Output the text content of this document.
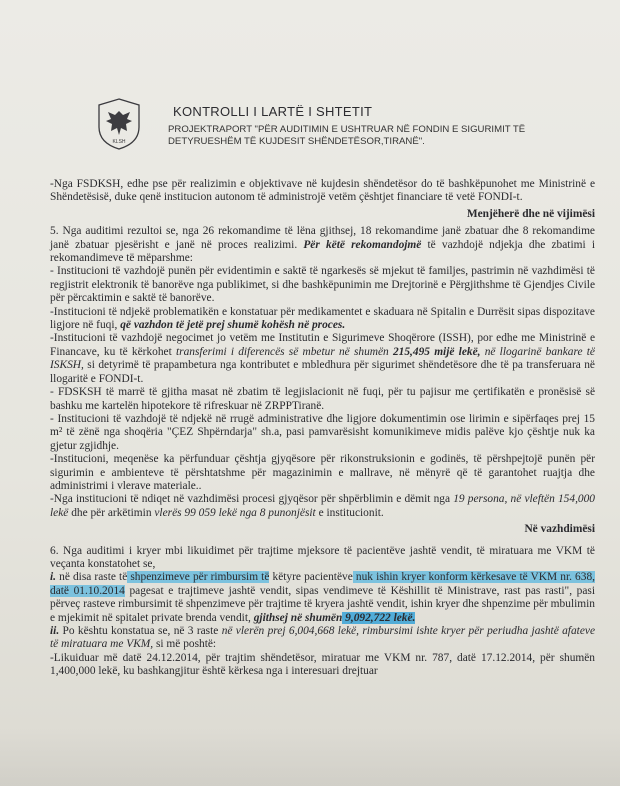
KLSH
KONTROLLI I LARTË I SHTETIT
PROJEKTRAPORT "PËR AUDITIMIN E USHTRUAR NË FONDIN E SIGURIMIT TË
DETYRUESHËM TË KUJDESIT SHËNDETËSOR,TIRANË".

-Nga FSDKSH, edhe pse për realizimin e objektivave në kujdesin shëndetësor do të bashkëpunohet me Ministrinë e Shëndetësisë, duke qenë institucion autonom të administrojë vetëm çështjet financiare të vetë FONDI-t.

Menjëherë dhe në vijimësi

5. Nga auditimi rezultoi se, nga 26 rekomandime të lëna gjithsej, 18 rekomandime janë zbatuar dhe 8 rekomandime janë zbatuar pjesërisht e janë në proces realizimi. Për këtë rekomandojmë të vazhdojë ndjekja dhe zbatimi i rekomandimeve të mëparshme:

- Institucioni të vazhdojë punën për evidentimin e saktë të ngarkesës së mjekut të familjes, pastrimin në vazhdimësi të regjistrit elektronik të banorëve nga publikimet, si dhe bashkëpunimin me Drejtorinë e Përgjithshme të Gjendjes Civile për përcaktimin e saktë të banorëve.

-Institucioni të ndjekë problematikën e konstatuar për medikamentet e skaduara në Spitalin e Durrësit sipas dispozitave ligjore në fuqi, që vazhdon të jetë prej shumë kohësh në proces.

-Institucioni të vazhdojë negocimet jo vetëm me Institutin e Sigurimeve Shoqërore (ISSH), por edhe me Ministrinë e Financave, ku të kërkohet transferimi i diferencës së mbetur në shumën 215,495 mijë lekë, në llogarinë bankare të ISKSH, si detyrimë të prapambetura nga kontributet e mbledhura për sigurimet shëndetësore dhe të pa transferuara në llogaritë e FONDI-t.

- FDSKSH të marrë të gjitha masat në zbatim të legjislacionit në fuqi, për tu pajisur me çertifikatën e pronësisë së bashku me kartelën hipotekore të rifreskuar në ZRPPTiranë.

- Institucioni të vazhdojë të ndjekë në rrugë administrative dhe ligjore dokumentimin ose lirimin e sipërfaqes prej 15 m² të zënë nga shoqëria "ÇEZ Shpërndarja" sh.a, pasi pamvarësisht komunikimeve midis palëve kjo çështje nuk ka gjetur zgjidhje.

-Institucioni, meqenëse ka përfunduar çështja gjyqësore për rikonstruksionin e godinës, të përshpejtojë punën për sigurimin e ambienteve të përshtatshme për magazinimin e mallrave, në mënyrë që të garantohet ruajtja dhe administrimi i vlerave materiale..

-Nga institucioni të ndiqet në vazhdimësi procesi gjyqësor për shpërblimin e dëmit nga 19 persona, në vleftën 154,000 lekë dhe për arkëtimin vlerës 99 059 lekë nga 8 punonjësit e institucionit.

Në vazhdimësi

6. Nga auditimi i kryer mbi likuidimet për trajtime mjeksore të pacientëve jashtë vendit, të miratuara me VKM të veçanta konstatohet se,

i. në disa raste të shpenzimeve për rimbursim të këtyre pacientëve nuk ishin kryer konform kërkesave të VKM nr. 638, datë 01.10.2014 pagesat e trajtimeve jashtë vendit, sipas vendimeve të Këshillit të Ministrave, rast pas rasti", pasi përveç rasteve rimbursimit të shpenzimeve për trajtime të kryera jashtë vendit, ishin kryer dhe shpenzime për mbulimin e mjekimit në spitalet private brenda vendit, gjithsej në shumën 9,092,722 lekë.

ii. Po kështu konstatua se, në 3 raste në vlerën prej 6,004,668 lekë, rimbursimi ishte kryer për periudha jashtë afateve të miratuara me VKM, si më poshtë:

-Likuiduar më datë 24.12.2014, për trajtim shëndetësor, miratuar me VKM nr. 787, datë 17.12.2014, për shumën 1,400,000 lekë, ku bashkangjitur është kërkesa nga i interesuari drejtuar
